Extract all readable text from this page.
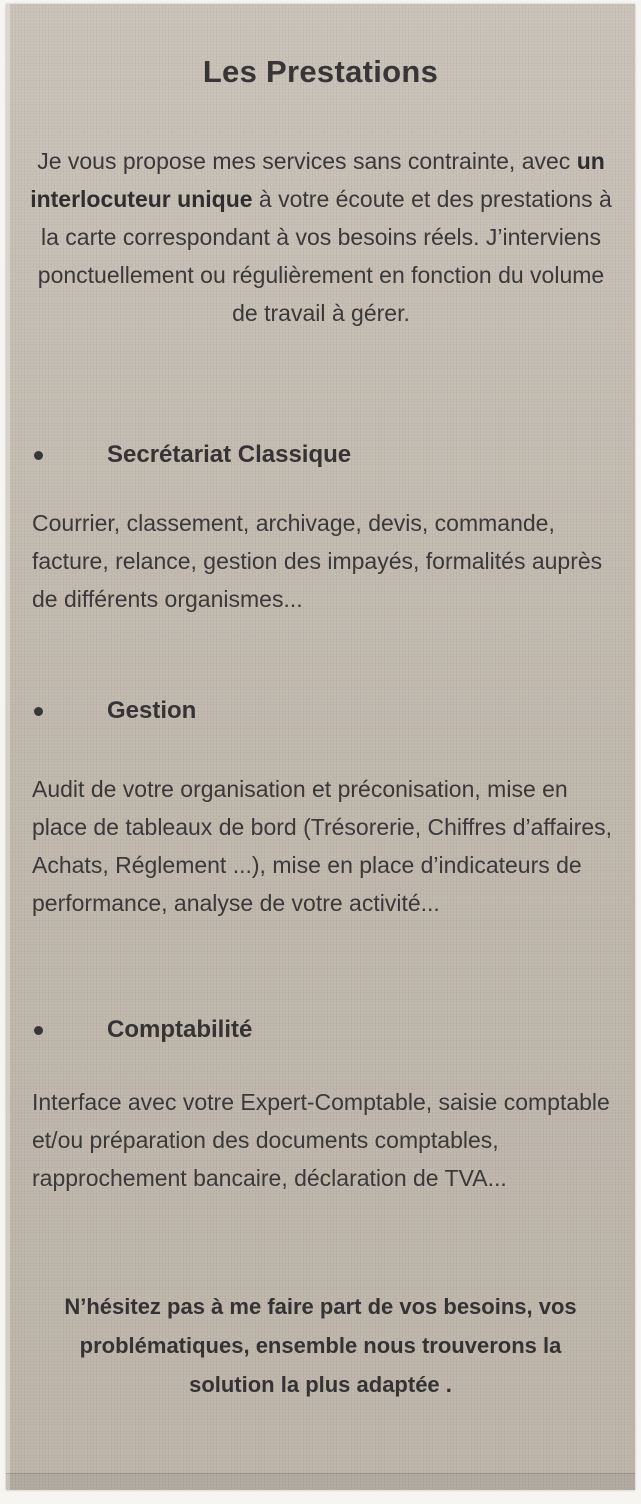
Les Prestations

Je vous propose mes services sans contrainte, avec un interlocuteur unique à votre écoute et des prestations à la carte correspondant à vos besoins réels. J’interviens ponctuellement ou régulièrement en fonction du volume de travail à gérer.

Secrétariat Classique

Courrier, classement, archivage, devis, commande, facture, relance, gestion des impayés, formalités auprès de différents organismes...

Gestion

Audit de votre organisation et préconisation, mise en place de tableaux de bord (Trésorerie, Chiffres d’affaires, Achats, Réglement ...), mise en place d’indicateurs de performance, analyse de votre activité...

Comptabilité

Interface avec votre Expert-Comptable, saisie comptable et/ou préparation des documents comptables, rapprochement bancaire, déclaration de TVA...

N’hésitez pas à me faire part de vos besoins, vos problématiques, ensemble nous trouverons la solution la plus adaptée .
